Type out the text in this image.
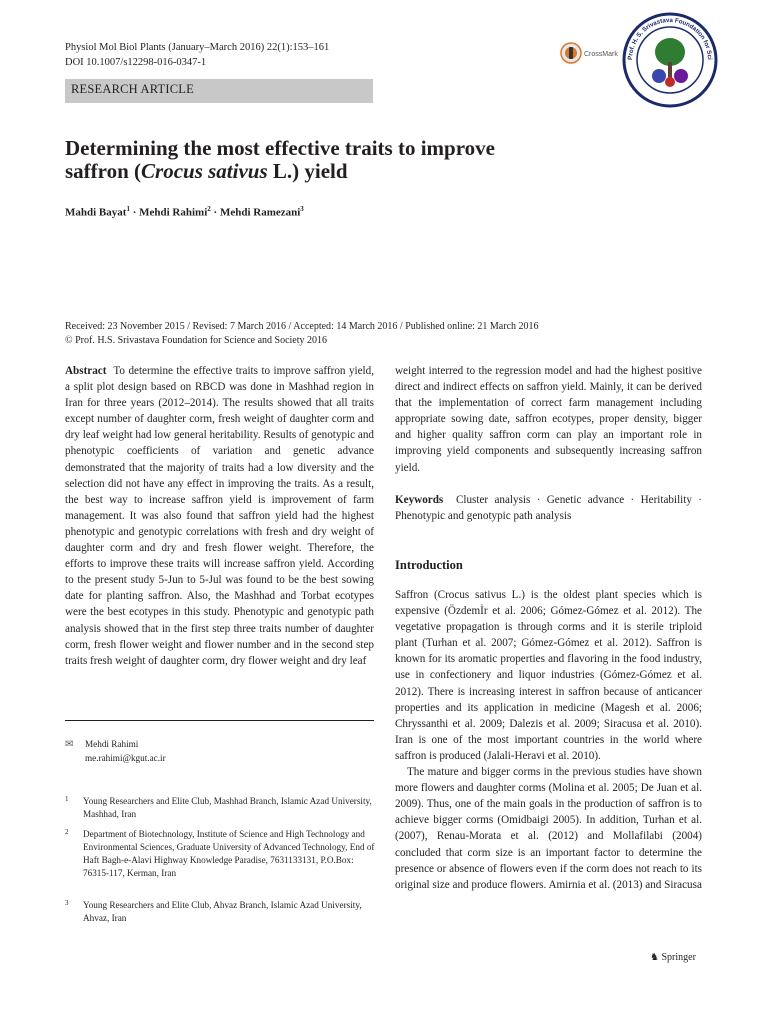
Physiol Mol Biol Plants (January–March 2016) 22(1):153–161
DOI 10.1007/s12298-016-0347-1
RESEARCH ARTICLE
CrossMark	Prof. H. S. Srivastava Foundation for Sci
Determining the most effective traits to improve
saffron (Crocus sativus L.) yield
Mahdi Bayat$^1$ · Mehdi Rahimi$^2$ · Mehdi Ramezani$^3$
Received: 23 November 2015 / Revised: 7 March 2016 / Accepted: 14 March 2016 / Published online: 21 March 2016
© Prof. H.S. Srivastava Foundation for Science and Society 2016

Abstract To determine the effective traits to improve saffron yield, a split plot design based on RBCD was done in Mashhad region in Iran for three years (2012–2014). The results showed that all traits except number of daughter corm, fresh weight of daughter corm and dry leaf weight had low general heritability. Results of genotypic and phenotypic coefficients of variation and genetic advance demonstrated that the majority of traits had a low diversity and the selection did not have any effect in improving the traits. As a result, the best way to increase saffron yield is improvement of farm management. It was also found that saffron yield had the highest phenotypic and genotypic correlations with fresh and dry weight of daughter corm and dry and fresh flower weight. Therefore, the efforts to improve these traits will increase saffron yield. According to the present study 5-Jun to 5-Jul was found to be the best sowing date for planting saffron. Also, the Mashhad and Torbat ecotypes were the best ecotypes in this study. Phenotypic and genotypic path analysis showed that in the first step three traits number of daughter corm, fresh flower weight and flower number and in the second step traits fresh weight of daughter corm, dry flower weight and dry leaf

✉ Mehdi Rahimi
me.rahimi@kgut.ac.ir
1 Young Researchers and Elite Club, Mashhad Branch, Islamic Azad University, Mashhad, Iran
2 Department of Biotechnology, Institute of Science and High Technology and Environmental Sciences, Graduate University of Advanced Technology, End of Haft Bagh-e-Alavi Highway Knowledge Paradise, 7631133131, P.O.Box: 76315-117, Kerman, Iran
3 Young Researchers and Elite Club, Ahvaz Branch, Islamic Azad University, Ahvaz, Iran

weight interred to the regression model and had the highest positive direct and indirect effects on saffron yield. Mainly, it can be derived that the implementation of correct farm management including appropriate sowing date, saffron ecotypes, proper density, bigger and higher quality saffron corm can play an important role in improving yield components and subsequently increasing saffron yield.

Keywords Cluster analysis · Genetic advance · Heritability · Phenotypic and genotypic path analysis

Introduction

Saffron (Crocus sativus L.) is the oldest plant species which is expensive (Özdemİr et al. 2006; Gómez-Gómez et al. 2012). The vegetative propagation is through corms and it is sterile triploid plant (Turhan et al. 2007; Gómez-Gómez et al. 2012). Saffron is known for its aromatic properties and flavoring in the food industry, use in confectionery and liquor industries (Gómez-Gómez et al. 2012). There is increasing interest in saffron because of anticancer properties and its application in medicine (Magesh et al. 2006; Chryssanthi et al. 2009; Dalezis et al. 2009; Siracusa et al. 2010). Iran is one of the most important countries in the world where saffron is produced (Jalali-Heravi et al. 2010).

The mature and bigger corms in the previous studies have shown more flowers and daughter corms (Molina et al. 2005; De Juan et al. 2009). Thus, one of the main goals in the production of saffron is to achieve bigger corms (Omidbaigi 2005). In addition, Turhan et al. (2007), Renau-Morata et al. (2012) and Mollafilabi (2004) concluded that corm size is an important factor to determine the presence or absence of flowers even if the corm does not reach to its original size and produce flowers. Amirnia et al. (2013) and Siracusa

♞ Springer
